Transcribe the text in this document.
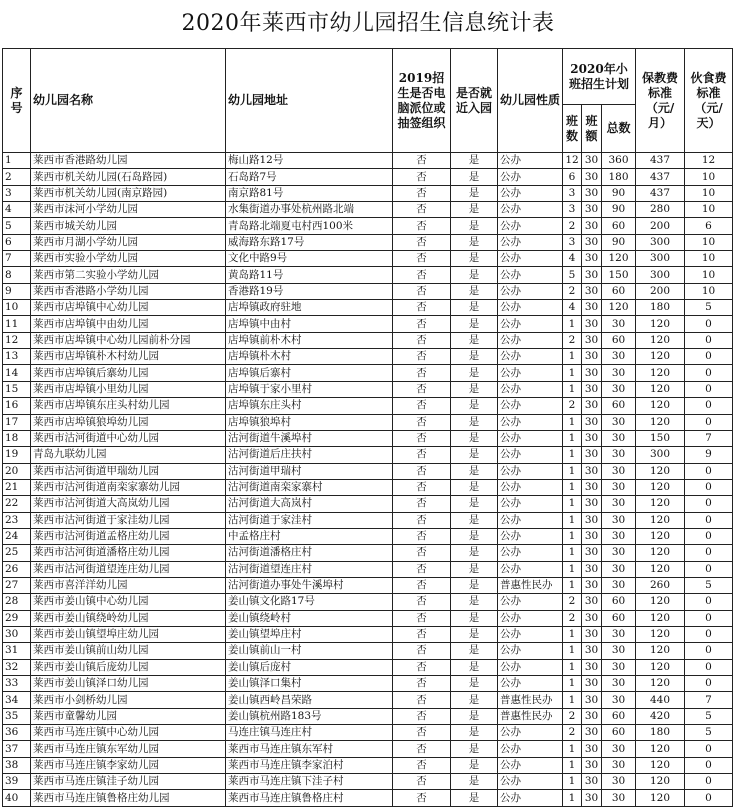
2020年莱西市幼儿园招生信息统计表
序号	幼儿园名称	幼儿园地址	2019招生是否电脑派位或抽签组织	是否就近入园	幼儿园性质	2020年小班招生计划			保教费标准（元/月）	伙食费标准（元/天）
						班数	班额	总数		
1	莱西市香港路幼儿园	梅山路12号	否	是	公办	12	30	360	437	12
2	莱西市机关幼儿园(石岛路园)	石岛路7号	否	是	公办	6	30	180	437	10
3	莱西市机关幼儿园(南京路园)	南京路81号	否	是	公办	3	30	90	437	10
4	莱西市沫河小学幼儿园	水集街道办事处杭州路北端	否	是	公办	3	30	90	280	10
5	莱西市城关幼儿园	青岛路北端夏屯村西100米	否	是	公办	2	30	60	200	6
6	莱西市月湖小学幼儿园	威海路东路17号	否	是	公办	3	30	90	300	10
7	莱西市实验小学幼儿园	文化中路9号	否	是	公办	4	30	120	300	10
8	莱西市第二实验小学幼儿园	黄岛路11号	否	是	公办	5	30	150	300	10
9	莱西市香港路小学幼儿园	香港路19号	否	是	公办	2	30	60	200	10
10	莱西市店埠镇中心幼儿园	店埠镇政府驻地	否	是	公办	4	30	120	180	5
11	莱西市店埠镇中由幼儿园	店埠镇中由村	否	是	公办	1	30	30	120	0
12	莱西市店埠镇中心幼儿园前朴分园	店埠镇前朴木村	否	是	公办	2	30	60	120	0
13	莱西市店埠镇朴木村幼儿园	店埠镇朴木村	否	是	公办	1	30	30	120	0
14	莱西市店埠镇后寨幼儿园	店埠镇后寨村	否	是	公办	1	30	30	120	0
15	莱西市店埠镇小里幼儿园	店埠镇于家小里村	否	是	公办	1	30	30	120	0
16	莱西市店埠镇东庄头村幼儿园	店埠镇东庄头村	否	是	公办	2	30	60	120	0
17	莱西市店埠镇狼埠幼儿园	店埠镇狼埠村	否	是	公办	1	30	30	120	0
18	莱西市沽河街道中心幼儿园	沽河街道牛溪埠村	否	是	公办	1	30	30	150	7
19	青岛九联幼儿园	沽河街道后庄扶村	否	是	公办	1	30	30	300	9
20	莱西市沽河街道甲瑞幼儿园	沽河街道甲瑞村	否	是	公办	1	30	30	120	0
21	莱西市沽河街道南栾家寨幼儿园	沽河街道南栾家寨村	否	是	公办	1	30	30	120	0
22	莱西市沽河街道大高岚幼儿园	沽河街道大高岚村	否	是	公办	1	30	30	120	0
23	莱西市沽河街道于家洼幼儿园	沽河街道于家洼村	否	是	公办	1	30	30	120	0
24	莱西市沽河街道孟格庄幼儿园	中孟格庄村	否	是	公办	1	30	30	120	0
25	莱西市沽河街道潘格庄幼儿园	沽河街道潘格庄村	否	是	公办	1	30	30	120	0
26	莱西市沽河街道望连庄幼儿园	沽河街道望连庄村	否	是	公办	1	30	30	120	0
27	莱西市喜洋洋幼儿园	沽河街道办事处牛溪埠村	否	是	普惠性民办	1	30	30	260	5
28	莱西市姜山镇中心幼儿园	姜山镇文化路17号	否	是	公办	2	30	60	120	0
29	莱西市姜山镇绕岭幼儿园	姜山镇绕岭村	否	是	公办	2	30	60	120	0
30	莱西市姜山镇望埠庄幼儿园	姜山镇望埠庄村	否	是	公办	1	30	30	120	0
31	莱西市姜山镇前山幼儿园	姜山镇前山一村	否	是	公办	1	30	30	120	0
32	莱西市姜山镇后庞幼儿园	姜山镇后庞村	否	是	公办	1	30	30	120	0
33	莱西市姜山镇泽口幼儿园	姜山镇泽口集村	否	是	公办	1	30	30	120	0
34	莱西市小剑桥幼儿园	姜山镇西岭昌荣路	否	是	普惠性民办	1	30	30	440	7
35	莱西市童馨幼儿园	姜山镇杭州路183号	否	是	普惠性民办	2	30	60	420	5
36	莱西市马连庄镇中心幼儿园	马连庄镇马连庄村	否	是	公办	2	30	60	180	5
37	莱西市马连庄镇东军幼儿园	莱西市马连庄镇东军村	否	是	公办	1	30	30	120	0
38	莱西市马连庄镇李家幼儿园	莱西市马连庄镇李家泊村	否	是	公办	1	30	30	120	0
39	莱西市马连庄镇洼子幼儿园	莱西市马连庄镇下洼子村	否	是	公办	1	30	30	120	0
40	莱西市马连庄镇鲁格庄幼儿园	莱西市马连庄镇鲁格庄村	否	是	公办	1	30	30	120	0
